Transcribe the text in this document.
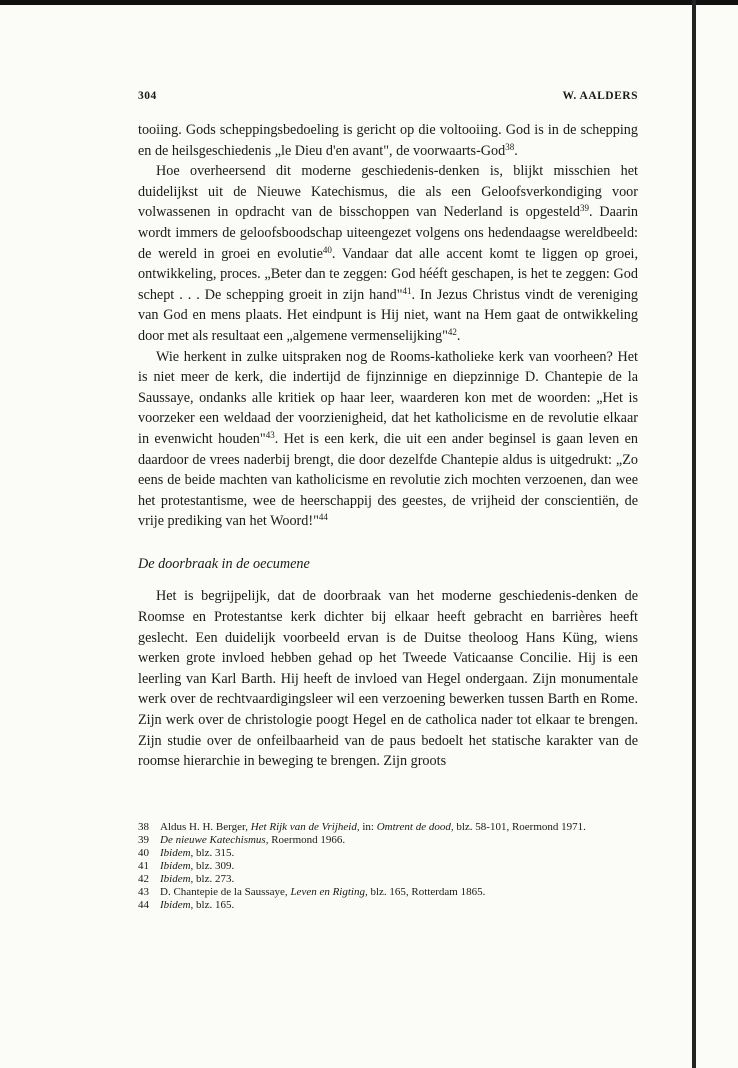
304	W. AALDERS

tooiing. Gods scheppingsbedoeling is gericht op die voltooiing. God is in de schepping en de heilsgeschiedenis „le Dieu d'en avant", de voorwaarts-God$^{38}$.

Hoe overheersend dit moderne geschiedenis-denken is, blijkt misschien het duidelijkst uit de Nieuwe Katechismus, die als een Geloofsverkondiging voor volwassenen in opdracht van de bisschoppen van Nederland is opgesteld$^{39}$. Daarin wordt immers de geloofsboodschap uiteengezet volgens ons hedendaagse wereldbeeld: de wereld in groei en evolutie$^{40}$. Vandaar dat alle accent komt te liggen op groei, ontwikkeling, proces. „Beter dan te zeggen: God hééft geschapen, is het te zeggen: God schept . . . De schepping groeit in zijn hand"$^{41}$. In Jezus Christus vindt de vereniging van God en mens plaats. Het eindpunt is Hij niet, want na Hem gaat de ontwikkeling door met als resultaat een „algemene vermenselijking"$^{42}$.

Wie herkent in zulke uitspraken nog de Rooms-katholieke kerk van voorheen? Het is niet meer de kerk, die indertijd de fijnzinnige en diepzinnige D. Chantepie de la Saussaye, ondanks alle kritiek op haar leer, waarderen kon met de woorden: „Het is voorzeker een weldaad der voorzienigheid, dat het katholicisme en de revolutie elkaar in evenwicht houden"$^{43}$. Het is een kerk, die uit een ander beginsel is gaan leven en daardoor de vrees naderbij brengt, die door dezelfde Chantepie aldus is uitgedrukt: „Zo eens de beide machten van katholicisme en revolutie zich mochten verzoenen, dan wee het protestantisme, wee de heerschappij des geestes, de vrijheid der conscientiën, de vrije prediking van het Woord!"$^{44}$

De doorbraak in de oecumene

Het is begrijpelijk, dat de doorbraak van het moderne geschiedenis-denken de Roomse en Protestantse kerk dichter bij elkaar heeft gebracht en barrières heeft geslecht. Een duidelijk voorbeeld ervan is de Duitse theoloog Hans Küng, wiens werken grote invloed hebben gehad op het Tweede Vaticaanse Concilie. Hij is een leerling van Karl Barth. Hij heeft de invloed van Hegel ondergaan. Zijn monumentale werk over de rechtvaardigingsleer wil een verzoening bewerken tussen Barth en Rome. Zijn werk over de christologie poogt Hegel en de catholica nader tot elkaar te brengen. Zijn studie over de onfeilbaarheid van de paus bedoelt het statische karakter van de roomse hierarchie in beweging te brengen. Zijn groots

38 Aldus H. H. Berger, Het Rijk van de Vrijheid, in: Omtrent de dood, blz. 58-101, Roermond 1971.
39 De nieuwe Katechismus, Roermond 1966.
40 Ibidem, blz. 315.
41 Ibidem, blz. 309.
42 Ibidem, blz. 273.
43 D. Chantepie de la Saussaye, Leven en Rigting, blz. 165, Rotterdam 1865.
44 Ibidem, blz. 165.
